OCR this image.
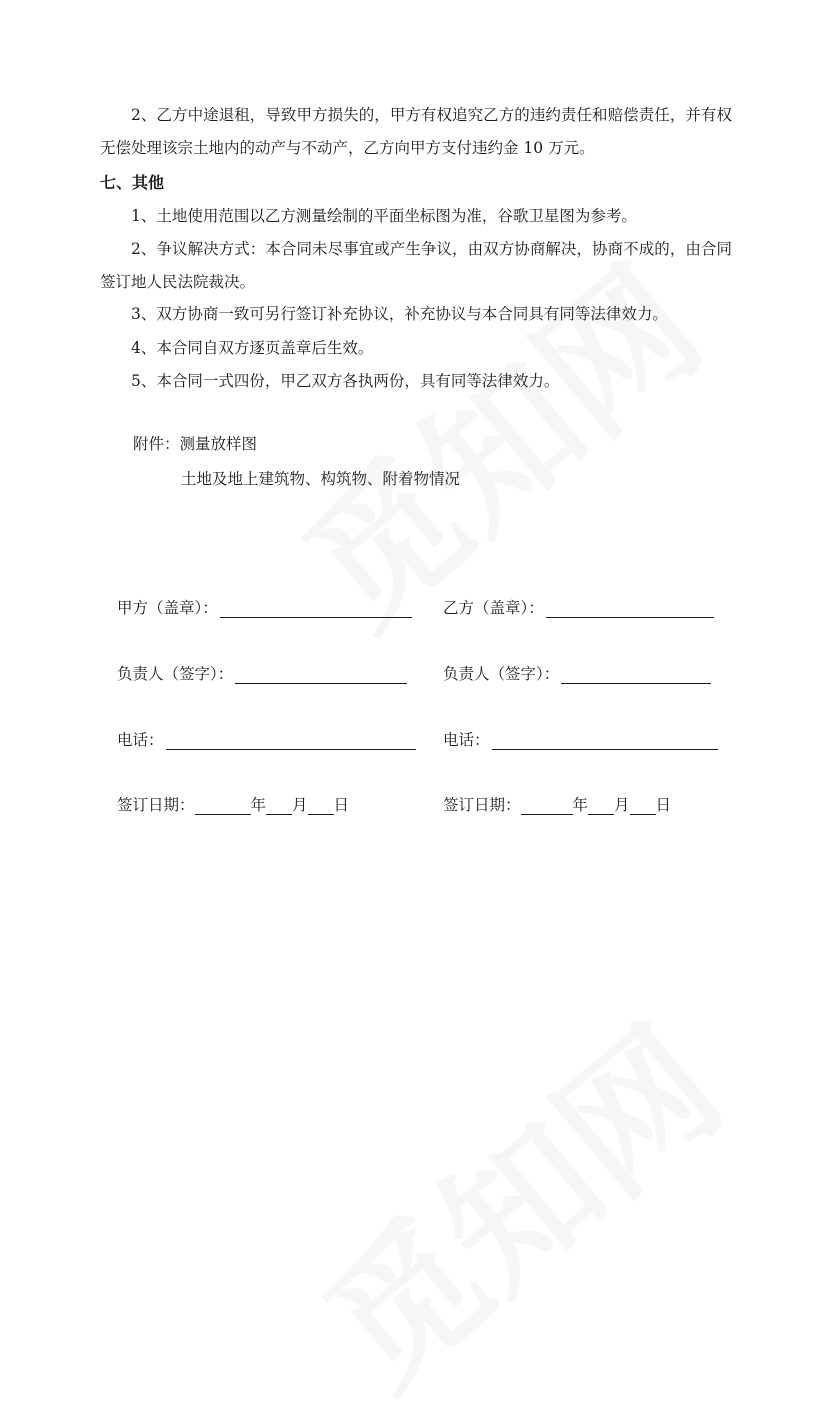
2、乙方中途退租，导致甲方损失的，甲方有权追究乙方的违约责任和赔偿责任，并有权无偿处理该宗土地内的动产与不动产，乙方向甲方支付违约金 10 万元。

七、其他

1、土地使用范围以乙方测量绘制的平面坐标图为准，谷歌卫星图为参考。

2、争议解决方式：本合同未尽事宜或产生争议，由双方协商解决，协商不成的，由合同签订地人民法院裁决。

3、双方协商一致可另行签订补充协议，补充协议与本合同具有同等法律效力。

4、本合同自双方逐页盖章后生效。

5、本合同一式四份，甲乙双方各执两份，具有同等法律效力。

附件：测量放样图
土地及地上建筑物、构筑物、附着物情况
甲方（盖章）：	乙方（盖章）：
负责人（签字）：	负责人（签字）：
电话：	电话：
签订日期：	年 月 日	签订日期：	年 月 日
